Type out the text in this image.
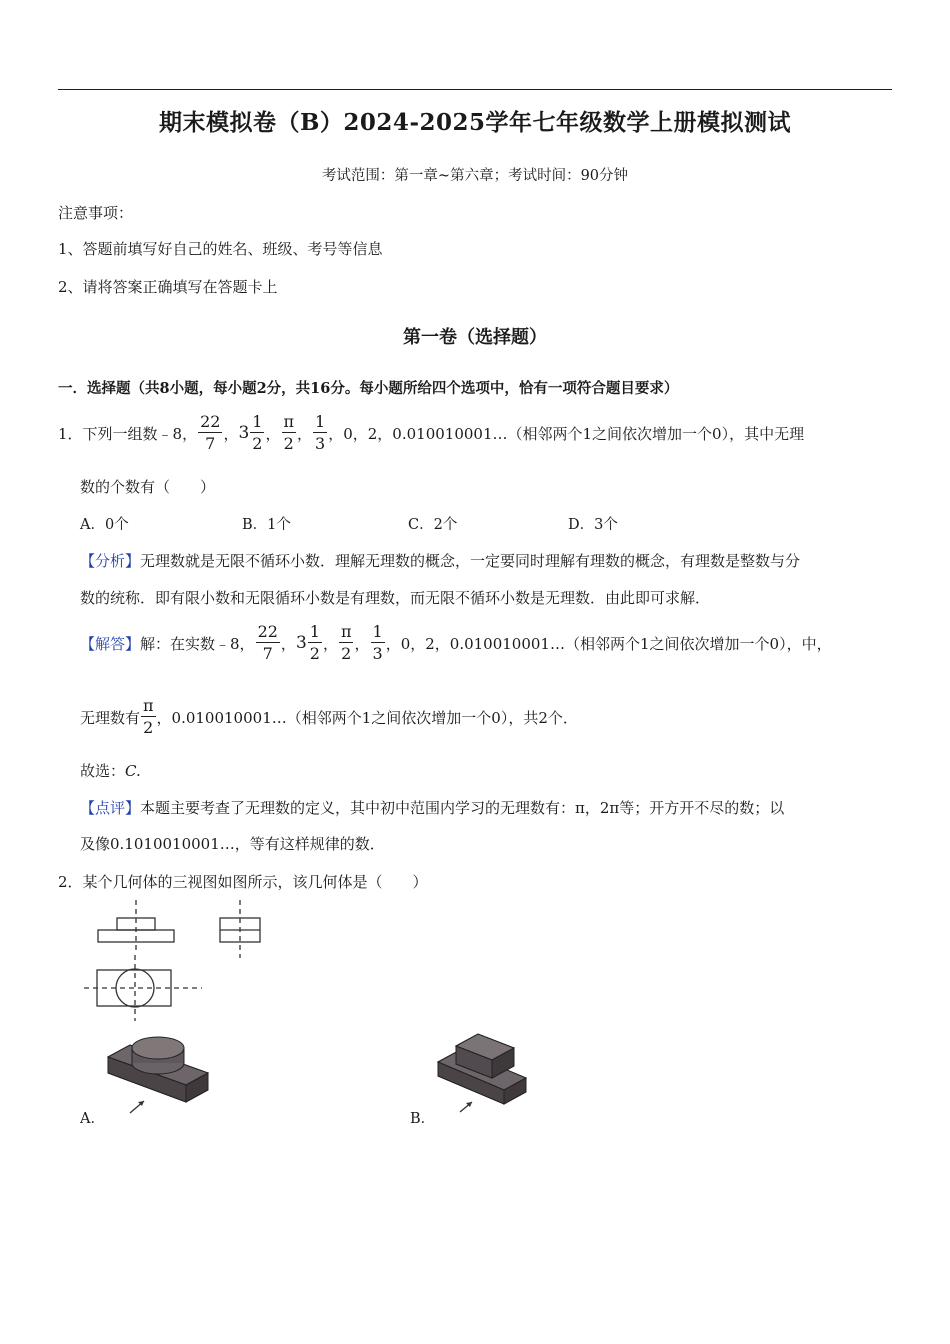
期末模拟卷（B）2024-2025学年七年级数学上册模拟测试
考试范围：第一章~第六章；考试时间：90分钟
注意事项：
1、答题前填写好自己的姓名、班级、考号等信息
2、请将答案正确填写在答题卡上
第一卷（选择题）
一．选择题（共8小题，每小题2分，共16分。每小题所给四个选项中，恰有一项符合题目要求）
1．下列一组数﹣8， $\frac{22}{7}$ ， $3 \frac{1}{2}$ ， $\frac{\pi}{2}$ ， $\frac{1}{3}$ ，0，2，0.010010001…（相邻两个1之间依次增加一个0），其中无理
数的个数有（　　）
A．0个	B．1个	C．2个	D．3个
【分析】无理数就是无限不循环小数．理解无理数的概念，一定要同时理解有理数的概念，有理数是整数与分
数的统称．即有限小数和无限循环小数是有理数，而无限不循环小数是无理数．由此即可求解．
【解答】 解：在实数﹣8， $\frac{22}{7}$ ， $3 \frac{1}{2}$ ， $\frac{\pi}{2}$ ， $\frac{1}{3}$ ，0，2，0.010010001…（相邻两个1之间依次增加一个0），中，
无理数有 $\frac{\pi}{2}$ ，0.010010001…（相邻两个1之间依次增加一个0），共2个．
故选：C.
【点评】本题主要考查了无理数的定义，其中初中范围内学习的无理数有：π，2π等；开方开不尽的数；以
及像0.1010010001…，等有这样规律的数．
2．某个几何体的三视图如图所示，该几何体是（　　）
A．	B．
